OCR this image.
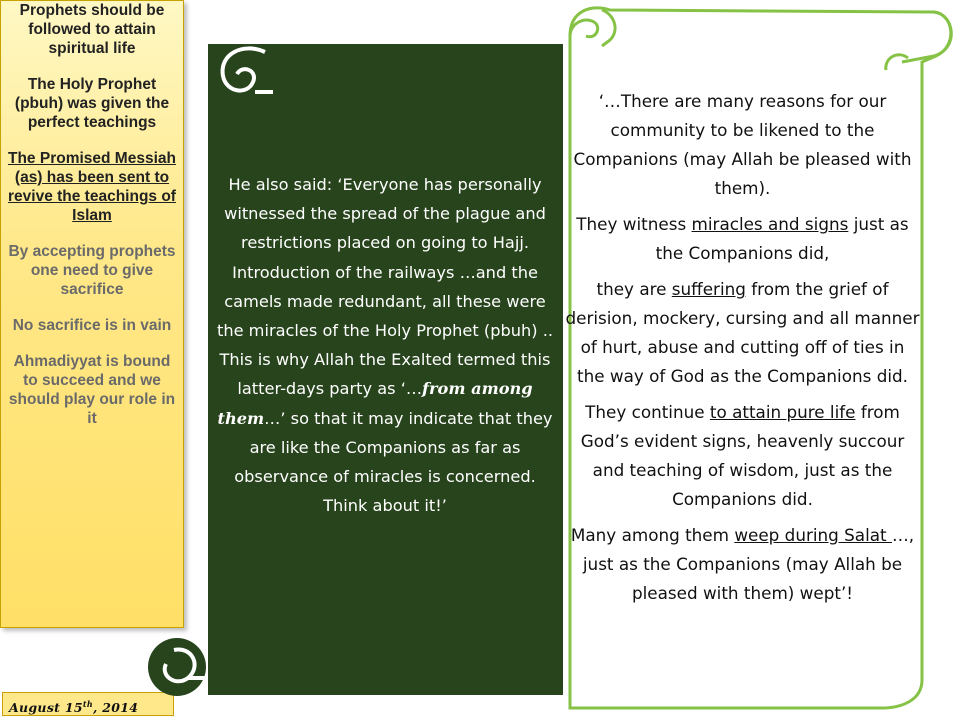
Prophets should be followed to attain spiritual life
The Holy Prophet (pbuh) was given the perfect teachings
The Promised Messiah (as) has been sent to revive the teachings of Islam
By accepting prophets one need to give sacrifice
No sacrifice is in vain
Ahmadiyyat is bound to succeed and we should play our role in it
August 15th, 2014
He also said: ‘Everyone has personally witnessed the spread of the plague and restrictions placed on going to Hajj. Introduction of the railways …and the camels made redundant, all these were the miracles of the Holy Prophet (pbuh) .. This is why Allah the Exalted termed this latter-days party as ‘…from among them…’ so that it may indicate that they are like the Companions as far as observance of miracles is concerned. Think about it!’

‘…There are many reasons for our community to be likened to the Companions (may Allah be pleased with them).

They witness miracles and signs just as the Companions did,

they are suffering from the grief of derision, mockery, cursing and all manner of hurt, abuse and cutting off of ties in the way of God as the Companions did.

They continue to attain pure life from God’s evident signs, heavenly succour and teaching of wisdom, just as the Companions did.

Many among them weep during Salat …, just as the Companions (may Allah be pleased with them) wept’!
